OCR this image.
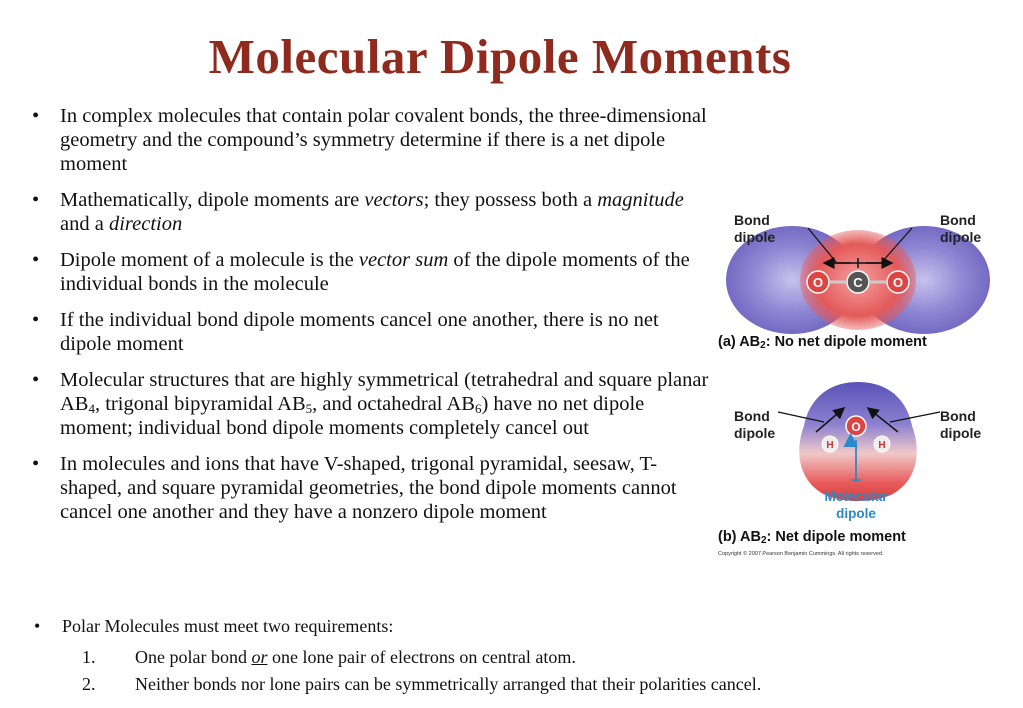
Molecular Dipole Moments
• In complex molecules that contain polar covalent bonds, the three-dimensional geometry and the compound’s symmetry determine if there is a net dipole moment
• Mathematically, dipole moments are vectors; they possess both a magnitude and a direction
• Dipole moment of a molecule is the vector sum of the dipole moments of the individual bonds in the molecule
• If the individual bond dipole moments cancel one another, there is no net dipole moment
• Molecular structures that are highly symmetrical (tetrahedral and square planar $AB_4$, trigonal bipyramidal $AB_5$, and octahedral $AB_6$) have no net dipole moment; individual bond dipole moments completely cancel out
• In molecules and ions that have V-shaped, trigonal pyramidal, seesaw, T-shaped, and square pyramidal geometries, the bond dipole moments cannot cancel one another and they have a nonzero dipole moment
• Polar Molecules must meet two requirements:
1. One polar bond or one lone pair of electrons on central atom.
2. Neither bonds nor lone pairs can be symmetrically arranged that their polarities cancel.
O C O
O
H	H
Bond
dipole
Bond
dipole
(a) $AB_2$: No net dipole moment
Bond
dipole
Bond
dipole
Molecular
dipole
(b) $AB_2$: Net dipole moment
Copyright © 2007 Pearson Benjamin Cummings. All rights reserved.
